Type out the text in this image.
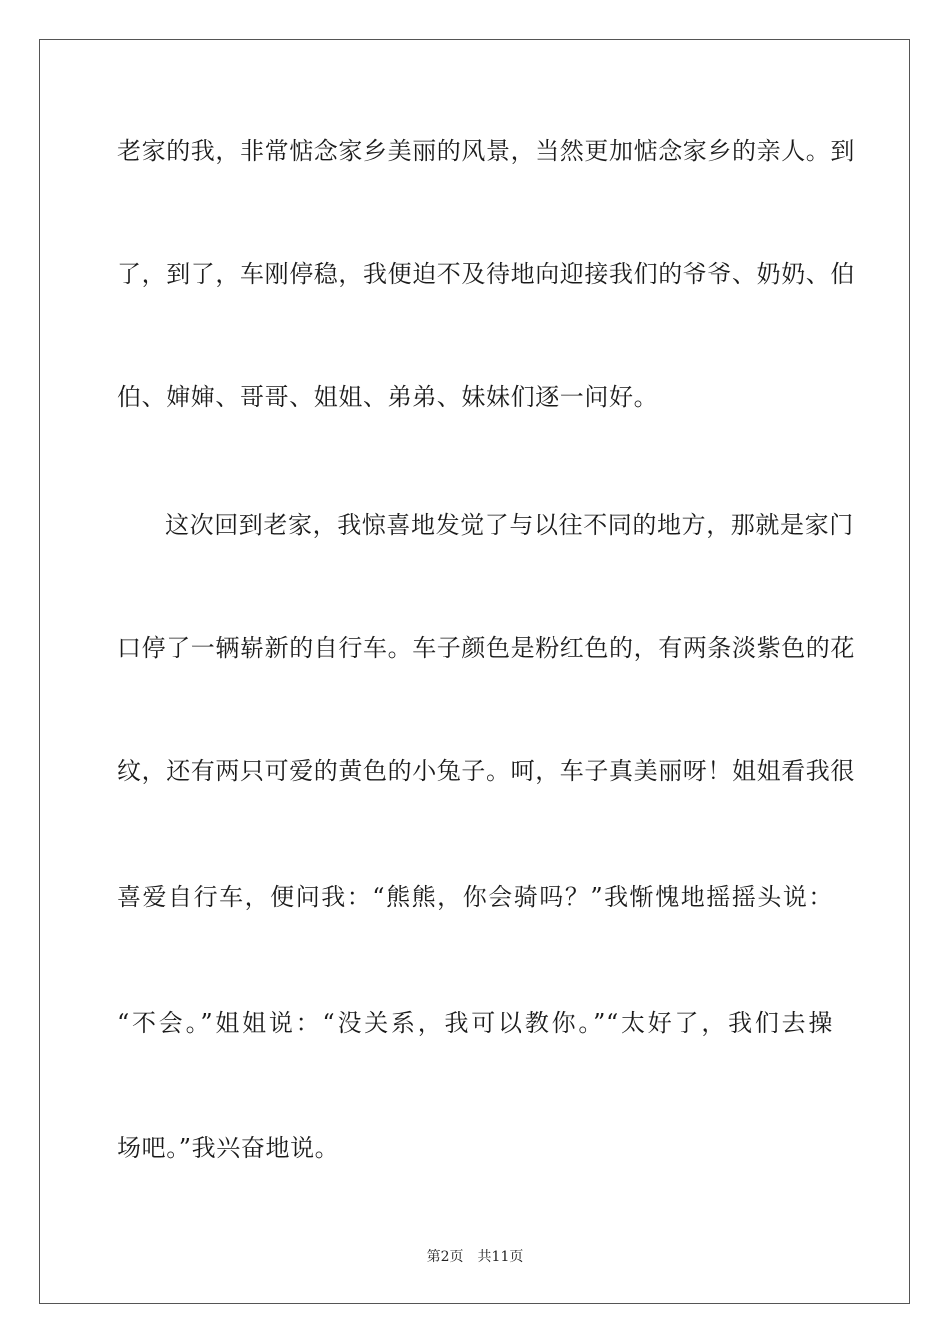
老家的我，非常惦念家乡美丽的风景，当然更加惦念家乡的亲人。到
了，到了，车刚停稳，我便迫不及待地向迎接我们的爷爷、奶奶、伯
伯、婶婶、哥哥、姐姐、弟弟、妹妹们逐一问好。
这次回到老家，我惊喜地发觉了与以往不同的地方，那就是家门
口停了一辆崭新的自行车。车子颜色是粉红色的，有两条淡紫色的花
纹，还有两只可爱的黄色的小兔子。呵，车子真美丽呀！姐姐看我很
喜爱自行车，便问我：“熊熊，你会骑吗？”我惭愧地摇摇头说：
“不会。”姐姐说：“没关系，我可以教你。”“太好了，我们去操
场吧。”我兴奋地说。
第2页 共11页
